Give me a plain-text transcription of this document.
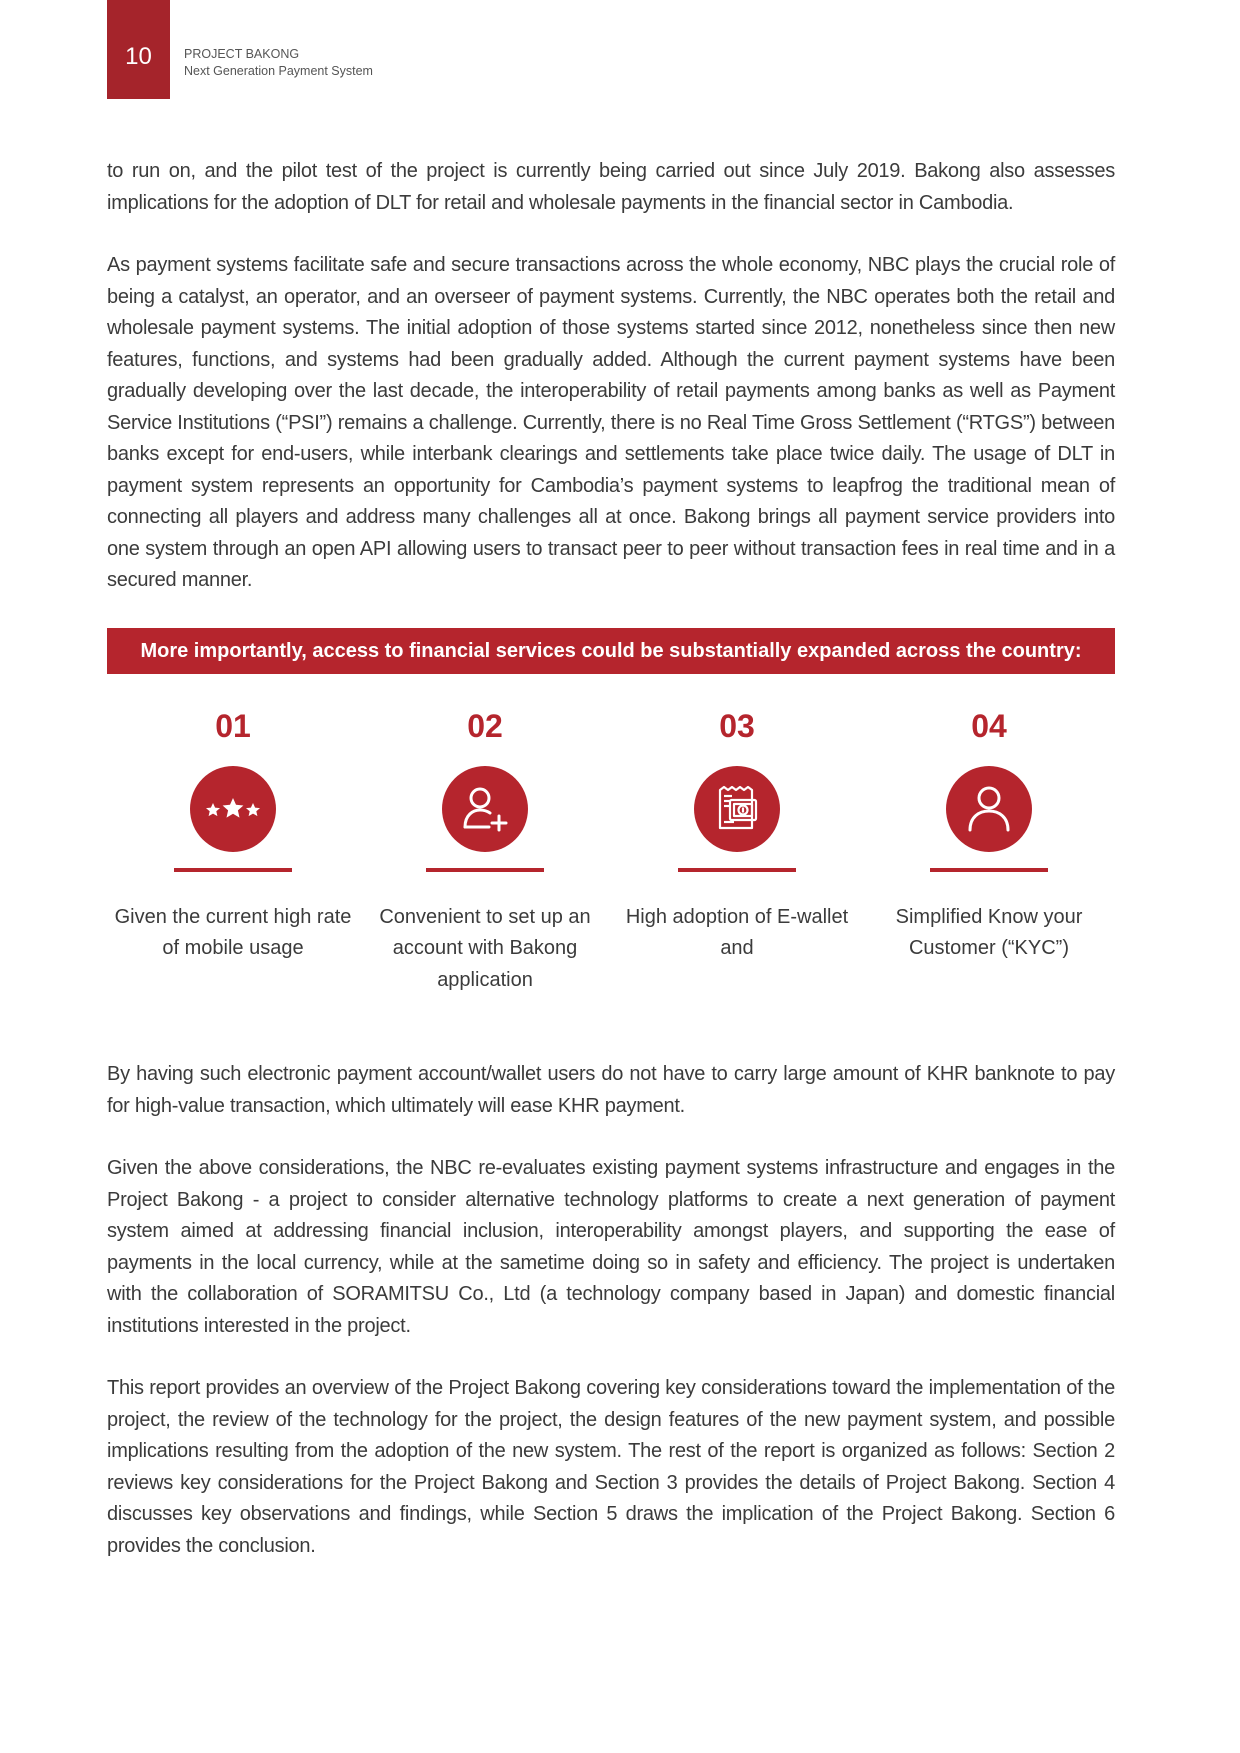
10	PROJECT BAKONG
Next Generation Payment System

to run on, and the pilot test of the project is currently being carried out since July 2019. Bakong also assesses implications for the adoption of DLT for retail and wholesale payments in the financial sector in Cambodia.

As payment systems facilitate safe and secure transactions across the whole economy, NBC plays the crucial role of being a catalyst, an operator, and an overseer of payment systems. Currently, the NBC operates both the retail and wholesale payment systems. The initial adoption of those systems started since 2012, nonetheless since then new features, functions, and systems had been gradually added. Although the current payment systems have been gradually developing over the last decade, the interoperability of retail payments among banks as well as Payment Service Institutions (“PSI”) remains a challenge. Currently, there is no Real Time Gross Settlement (“RTGS”) between banks except for end-users, while interbank clearings and settlements take place twice daily. The usage of DLT in payment system represents an opportunity for Cambodia’s payment systems to leapfrog the traditional mean of connecting all players and address many challenges all at once. Bakong brings all payment service providers into one system through an open API allowing users to transact peer to peer without transaction fees in real time and in a secured manner.

More importantly, access to financial services could be substantially expanded across the country:
01
Given the current high rate of mobile usage
02
Convenient to set up an account with Bakong application
03
High adoption of E-wallet and
04
Simplified Know your Customer (“KYC”)

By having such electronic payment account/wallet users do not have to carry large amount of KHR banknote to pay for high-value transaction, which ultimately will ease KHR payment.

Given the above considerations, the NBC re-evaluates existing payment systems infrastructure and engages in the Project Bakong - a project to consider alternative technology platforms to create a next generation of payment system aimed at addressing financial inclusion, interoperability amongst players, and supporting the ease of payments in the local currency, while at the sametime doing so in safety and efficiency. The project is undertaken with the collaboration of SORAMITSU Co., Ltd (a technology company based in Japan) and domestic financial institutions interested in the project.

This report provides an overview of the Project Bakong covering key considerations toward the implementation of the project, the review of the technology for the project, the design features of the new payment system, and possible implications resulting from the adoption of the new system. The rest of the report is organized as follows: Section 2 reviews key considerations for the Project Bakong and Section 3 provides the details of Project Bakong. Section 4 discusses key observations and findings, while Section 5 draws the implication of the Project Bakong. Section 6 provides the conclusion.
